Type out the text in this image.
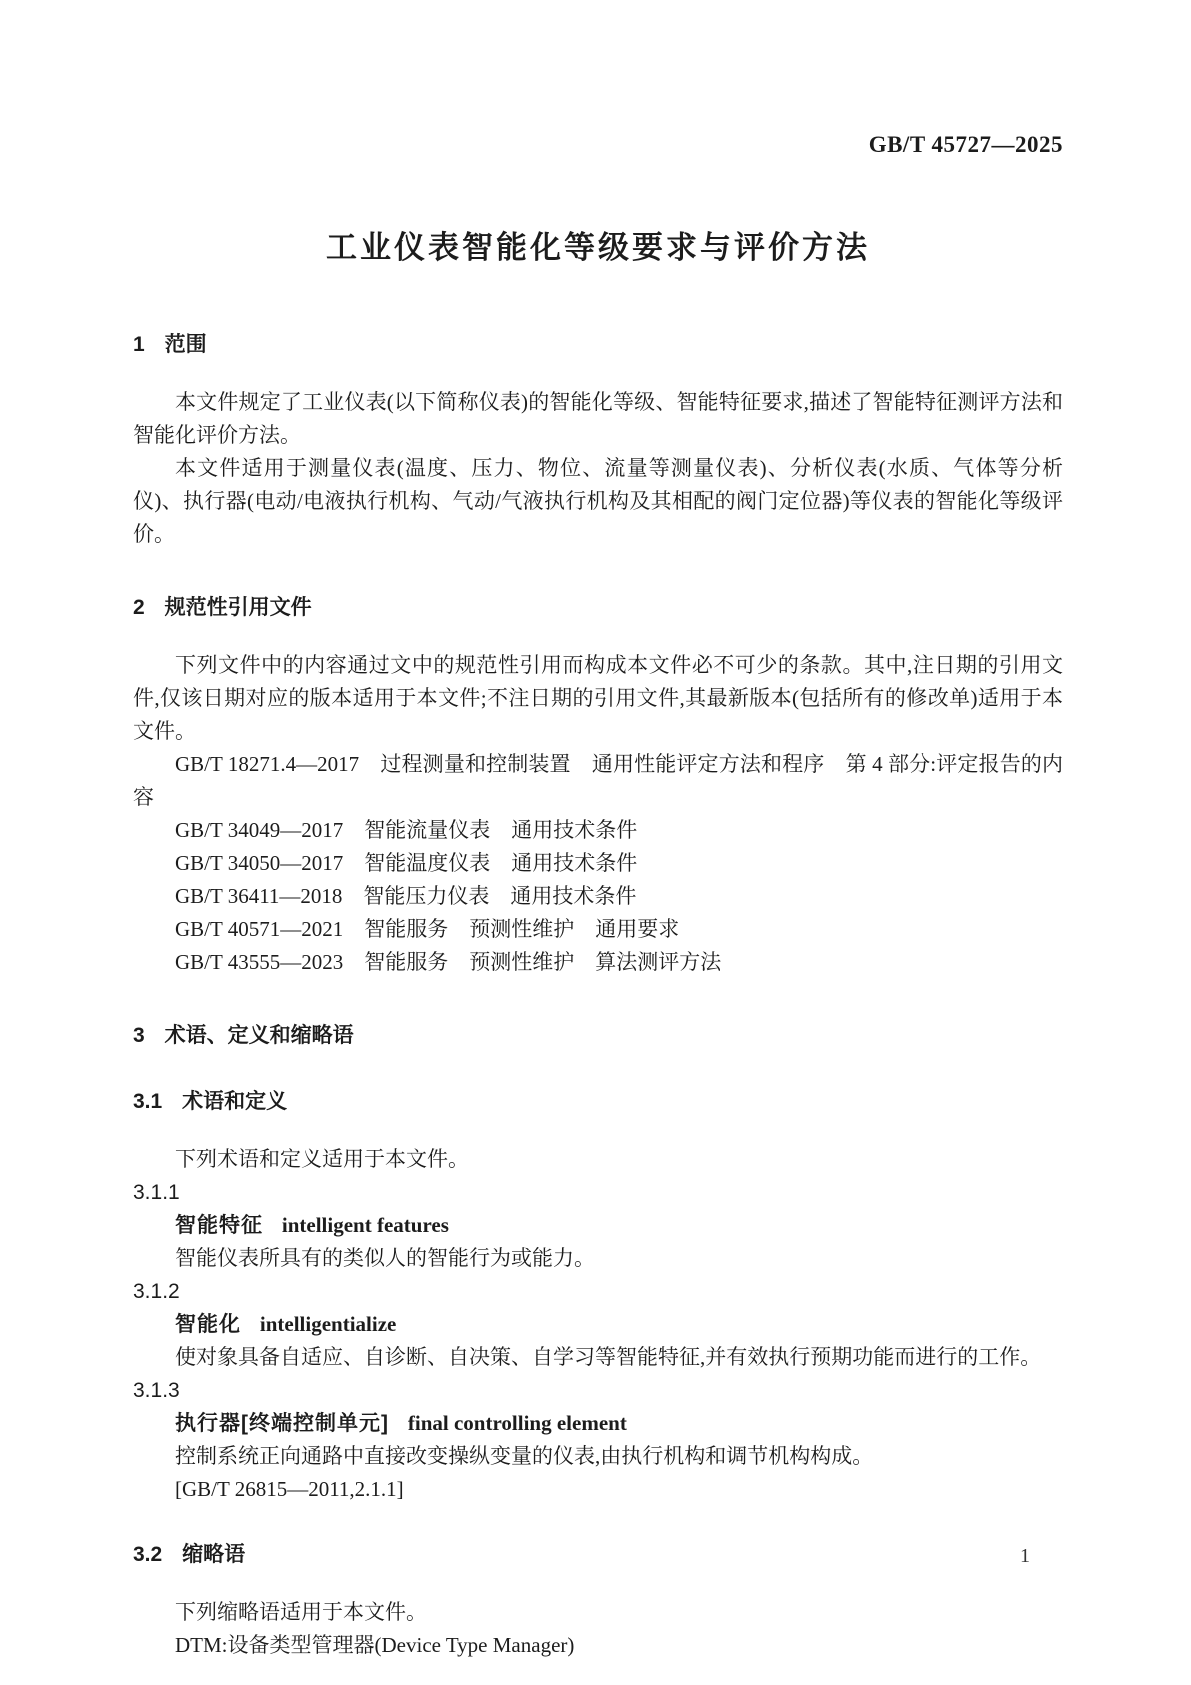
GB/T 45727—2025
工业仪表智能化等级要求与评价方法
1 范围

本文件规定了工业仪表(以下简称仪表)的智能化等级、智能特征要求,描述了智能特征测评方法和智能化评价方法。

本文件适用于测量仪表(温度、压力、物位、流量等测量仪表)、分析仪表(水质、气体等分析仪)、执行器(电动/电液执行机构、气动/气液执行机构及其相配的阀门定位器)等仪表的智能化等级评价。

2 规范性引用文件

下列文件中的内容通过文中的规范性引用而构成本文件必不可少的条款。其中,注日期的引用文件,仅该日期对应的版本适用于本文件;不注日期的引用文件,其最新版本(包括所有的修改单)适用于本文件。

GB/T 18271.4—2017　过程测量和控制装置　通用性能评定方法和程序　第 4 部分:评定报告的内容

GB/T 34049—2017　智能流量仪表　通用技术条件

GB/T 34050—2017　智能温度仪表　通用技术条件

GB/T 36411—2018　智能压力仪表　通用技术条件

GB/T 40571—2021　智能服务　预测性维护　通用要求

GB/T 43555—2023　智能服务　预测性维护　算法测评方法

3 术语、定义和缩略语
3.1 术语和定义

下列术语和定义适用于本文件。

3.1.1

智能特征 intelligent features

智能仪表所具有的类似人的智能行为或能力。

3.1.2

智能化 intelligentialize

使对象具备自适应、自诊断、自决策、自学习等智能特征,并有效执行预期功能而进行的工作。

3.1.3

执行器[终端控制单元] final controlling element

控制系统正向通路中直接改变操纵变量的仪表,由执行机构和调节机构构成。

[GB/T 26815—2011,2.1.1]

3.2 缩略语

下列缩略语适用于本文件。

DTM:设备类型管理器(Device Type Manager)

1
